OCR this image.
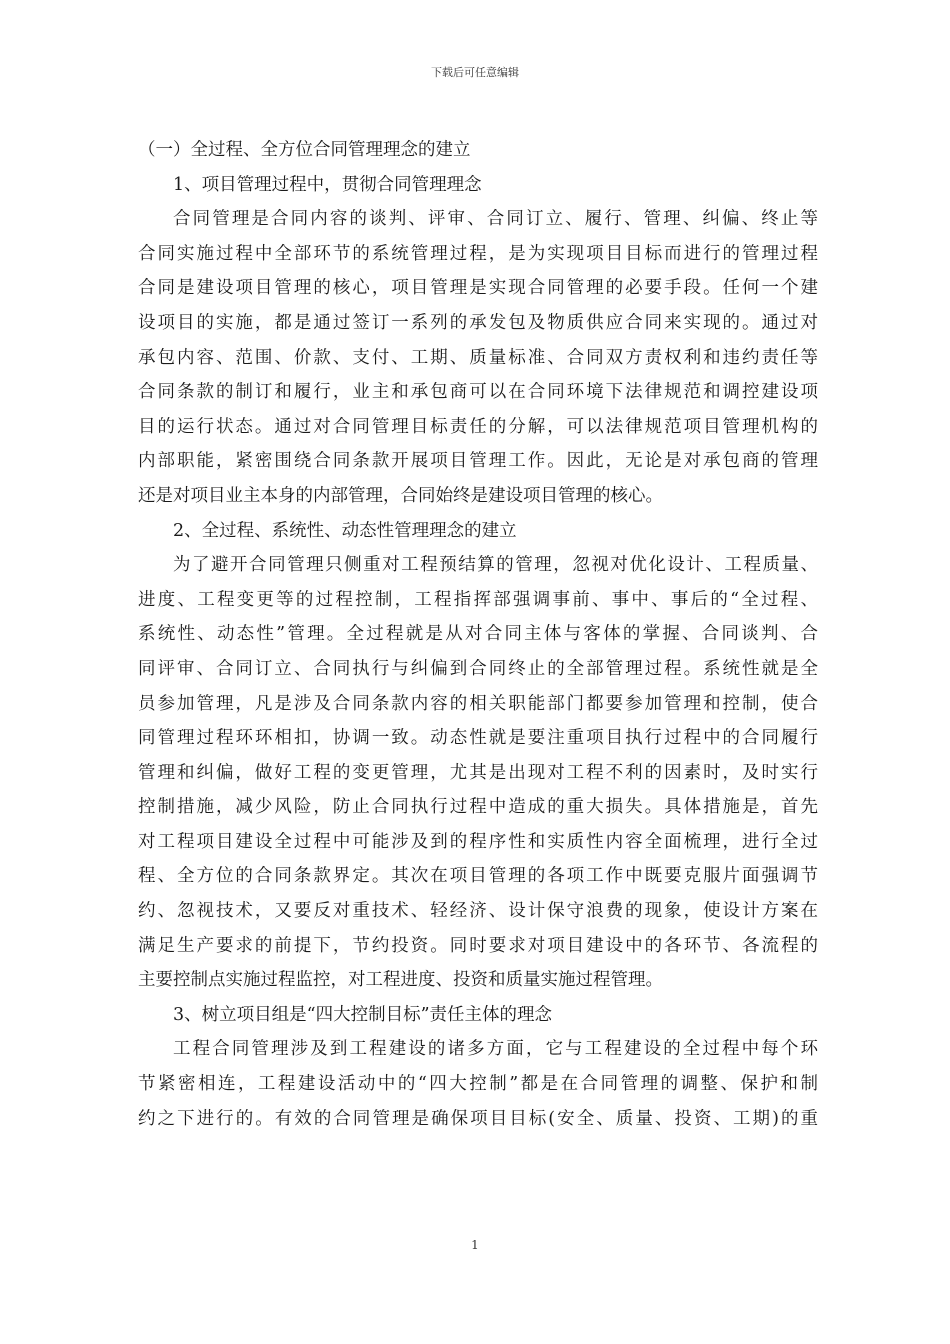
下载后可任意编辑
（一）全过程、全方位合同管理理念的建立
1、项目管理过程中，贯彻合同管理理念
合同管理是合同内容的谈判、评审、合同订立、履行、管理、纠偏、终止等
合同实施过程中全部环节的系统管理过程，是为实现项目目标而进行的管理过程
合同是建设项目管理的核心，项目管理是实现合同管理的必要手段。任何一个建
设项目的实施，都是通过签订一系列的承发包及物质供应合同来实现的。通过对
承包内容、范围、价款、支付、工期、质量标准、合同双方责权利和违约责任等
合同条款的制订和履行，业主和承包商可以在合同环境下法律规范和调控建设项
目的运行状态。通过对合同管理目标责任的分解，可以法律规范项目管理机构的
内部职能，紧密围绕合同条款开展项目管理工作。因此，无论是对承包商的管理
还是对项目业主本身的内部管理，合同始终是建设项目管理的核心。
2、全过程、系统性、动态性管理理念的建立
为了避开合同管理只侧重对工程预结算的管理，忽视对优化设计、工程质量、
进度、工程变更等的过程控制，工程指挥部强调事前、事中、事后的“全过程、
系统性、动态性”管理。全过程就是从对合同主体与客体的掌握、合同谈判、合
同评审、合同订立、合同执行与纠偏到合同终止的全部管理过程。系统性就是全
员参加管理，凡是涉及合同条款内容的相关职能部门都要参加管理和控制，使合
同管理过程环环相扣，协调一致。动态性就是要注重项目执行过程中的合同履行
管理和纠偏，做好工程的变更管理，尤其是出现对工程不利的因素时，及时实行
控制措施，减少风险，防止合同执行过程中造成的重大损失。具体措施是，首先
对工程项目建设全过程中可能涉及到的程序性和实质性内容全面梳理，进行全过
程、全方位的合同条款界定。其次在项目管理的各项工作中既要克服片面强调节
约、忽视技术，又要反对重技术、轻经济、设计保守浪费的现象，使设计方案在
满足生产要求的前提下，节约投资。同时要求对项目建设中的各环节、各流程的
主要控制点实施过程监控，对工程进度、投资和质量实施过程管理。
3、树立项目组是“四大控制目标”责任主体的理念
工程合同管理涉及到工程建设的诸多方面，它与工程建设的全过程中每个环
节紧密相连，工程建设活动中的“四大控制”都是在合同管理的调整、保护和制
约之下进行的。有效的合同管理是确保项目目标(安全、质量、投资、工期)的重
1
